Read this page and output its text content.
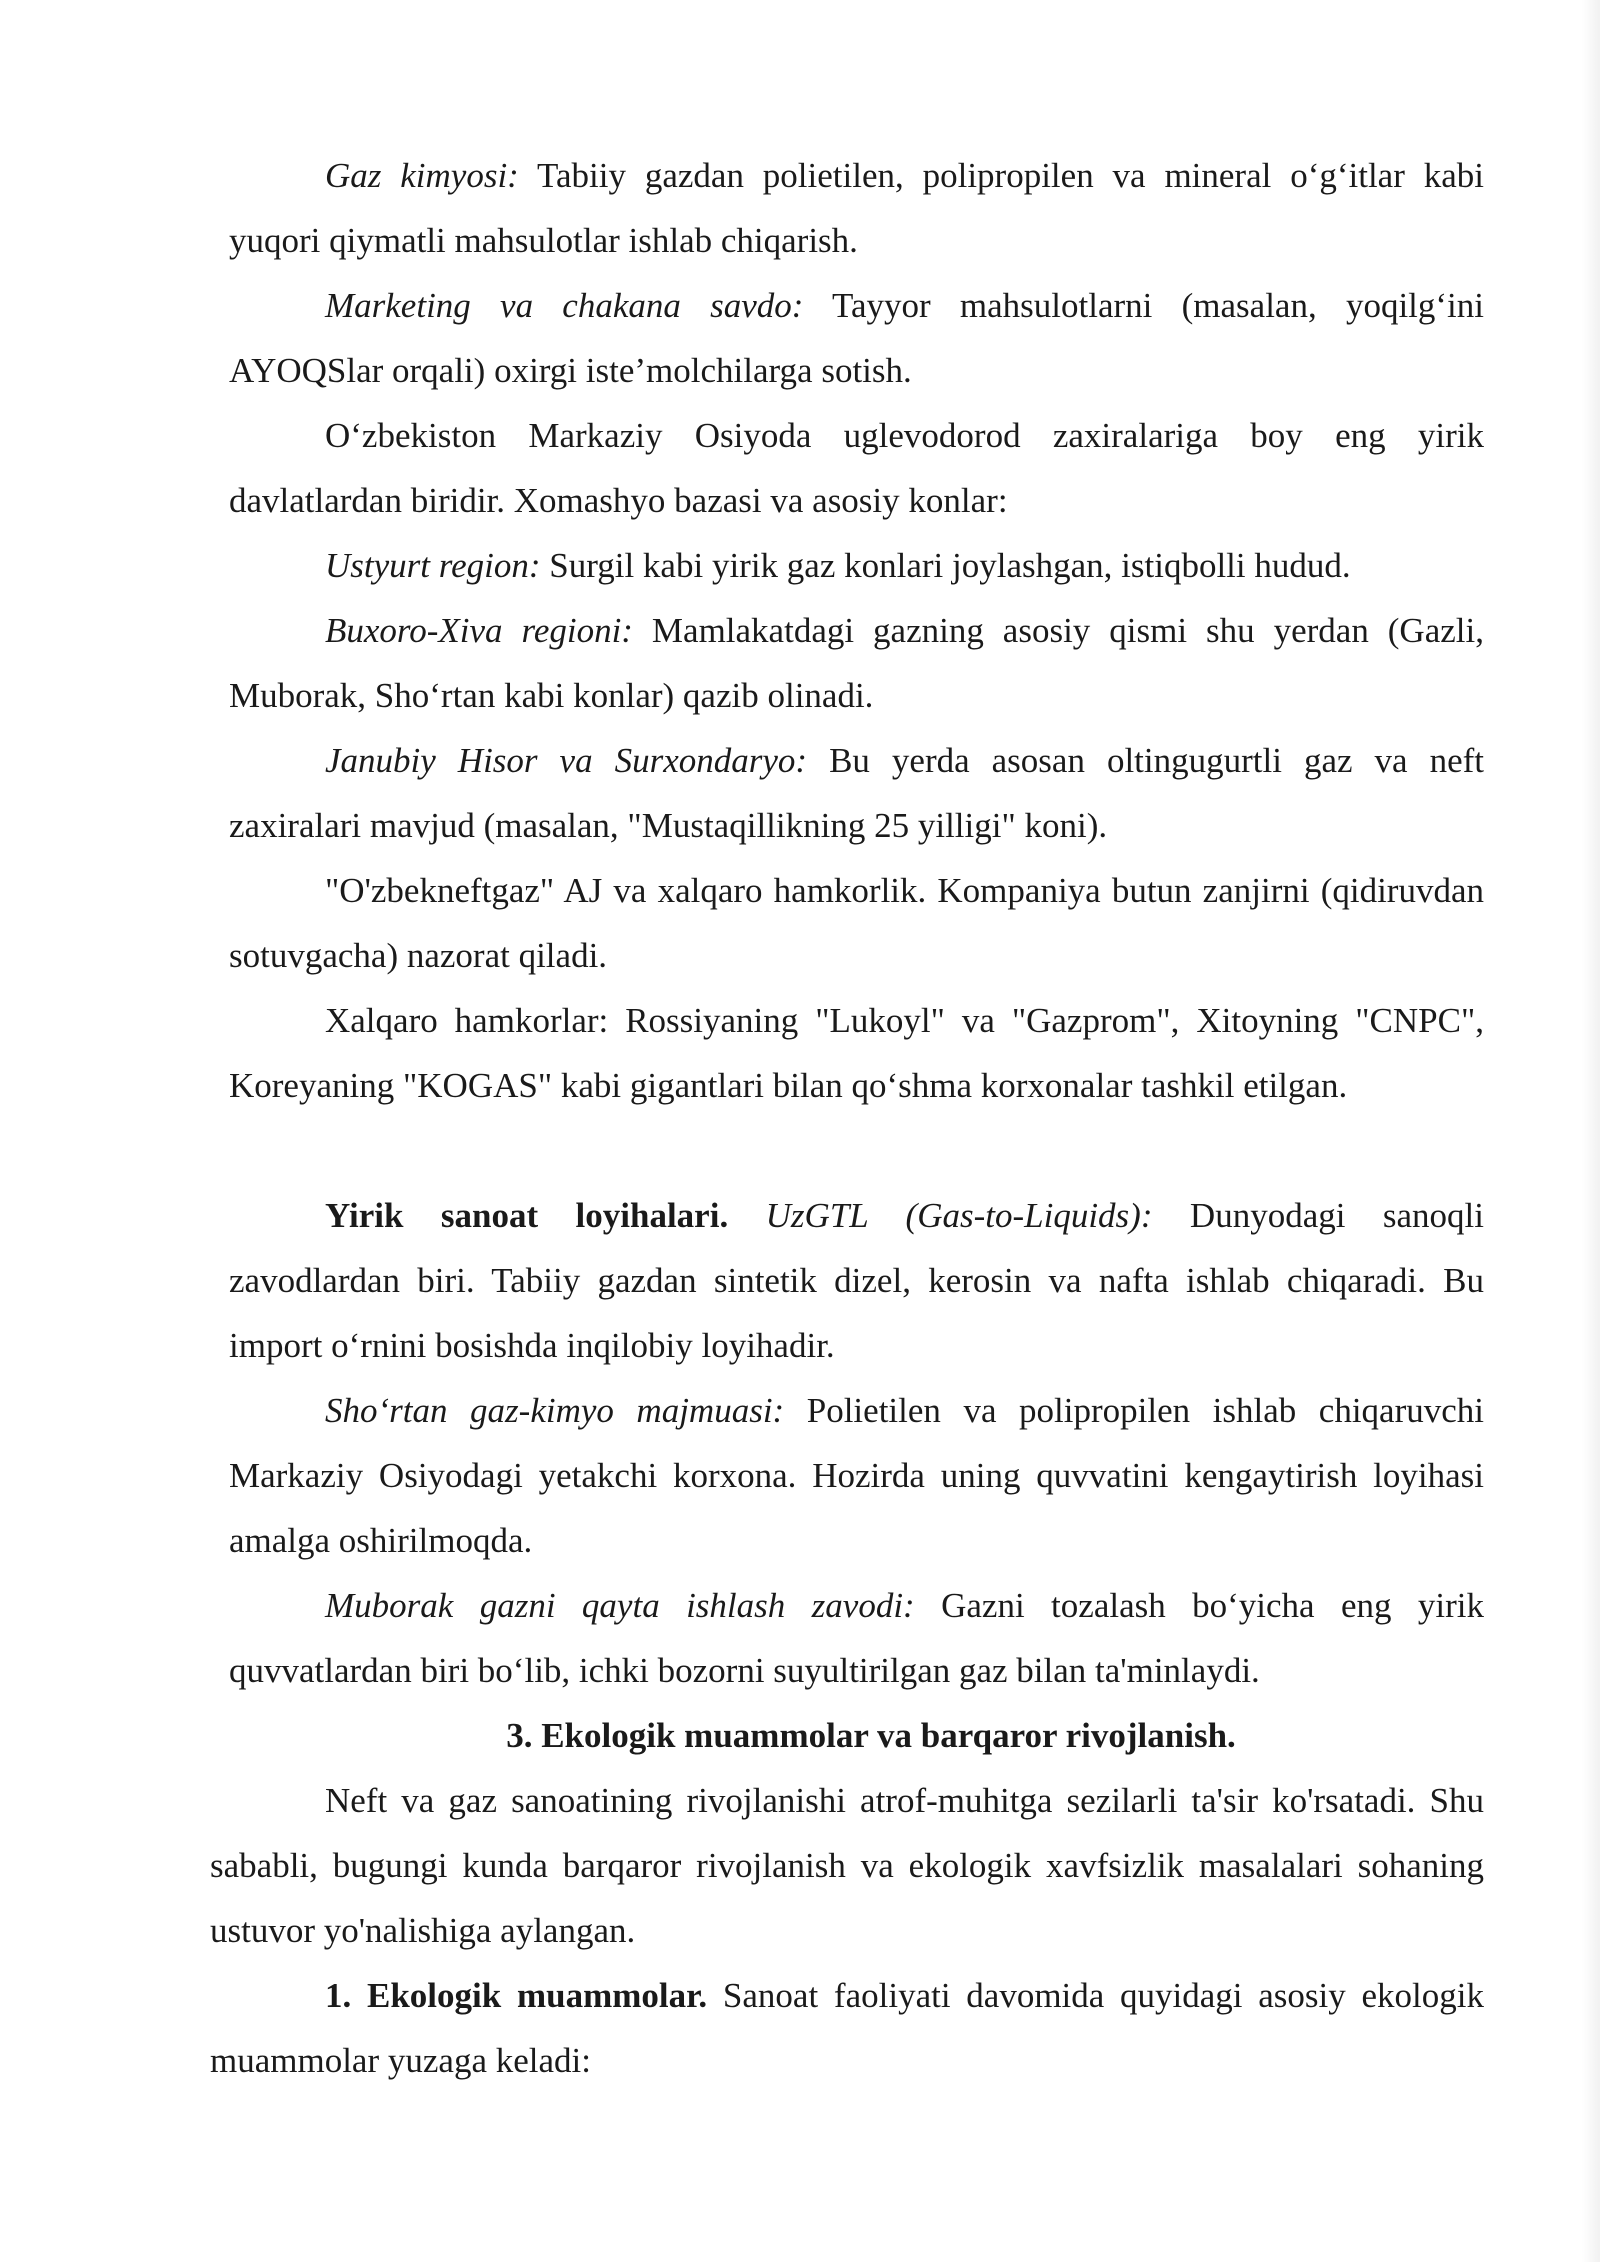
Gaz kimyosi: Tabiiy gazdan polietilen, polipropilen va mineral o‘g‘itlar kabi yuqori qiymatli mahsulotlar ishlab chiqarish.

Marketing va chakana savdo: Tayyor mahsulotlarni (masalan, yoqilg‘ini AYOQSlar orqali) oxirgi iste’molchilarga sotish.

O‘zbekiston Markaziy Osiyoda uglevodorod zaxiralariga boy eng yirik davlatlardan biridir. Xomashyo bazasi va asosiy konlar:

Ustyurt region: Surgil kabi yirik gaz konlari joylashgan, istiqbolli hudud.

Buxoro-Xiva regioni: Mamlakatdagi gazning asosiy qismi shu yerdan (Gazli, Muborak, Sho‘rtan kabi konlar) qazib olinadi.

Janubiy Hisor va Surxondaryo: Bu yerda asosan oltingugurtli gaz va neft zaxiralari mavjud (masalan, "Mustaqillikning 25 yilligi" koni).

"O'zbekneftgaz" AJ va xalqaro hamkorlik. Kompaniya butun zanjirni (qidiruvdan sotuvgacha) nazorat qiladi.

Xalqaro hamkorlar: Rossiyaning "Lukoyl" va "Gazprom", Xitoyning "CNPC", Koreyaning "KOGAS" kabi gigantlari bilan qo‘shma korxonalar tashkil etilgan.

Yirik sanoat loyihalari. UzGTL (Gas-to-Liquids): Dunyodagi sanoqli zavodlardan biri. Tabiiy gazdan sintetik dizel, kerosin va nafta ishlab chiqaradi. Bu import o‘rnini bosishda inqilobiy loyihadir.

Sho‘rtan gaz-kimyo majmuasi: Polietilen va polipropilen ishlab chiqaruvchi Markaziy Osiyodagi yetakchi korxona. Hozirda uning quvvatini kengaytirish loyihasi amalga oshirilmoqda.

Muborak gazni qayta ishlash zavodi: Gazni tozalash bo‘yicha eng yirik quvvatlardan biri bo‘lib, ichki bozorni suyultirilgan gaz bilan ta'minlaydi.

3. Ekologik muammolar va barqaror rivojlanish.

Neft va gaz sanoatining rivojlanishi atrof-muhitga sezilarli ta'sir ko'rsatadi. Shu sababli, bugungi kunda barqaror rivojlanish va ekologik xavfsizlik masalalari sohaning ustuvor yo'nalishiga aylangan.

1. Ekologik muammolar. Sanoat faoliyati davomida quyidagi asosiy ekologik muammolar yuzaga keladi:
